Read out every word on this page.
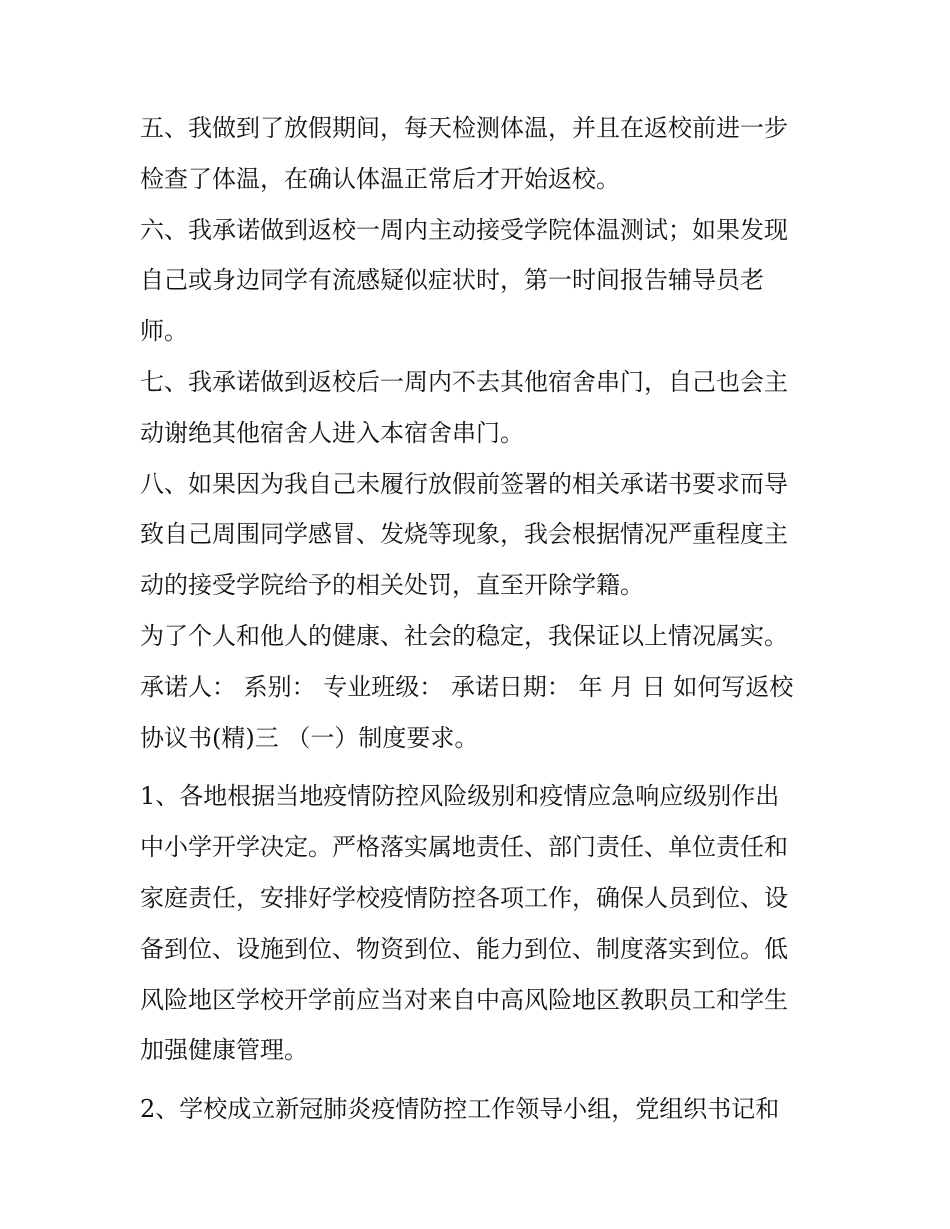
五、我做到了放假期间，每天检测体温，并且在返校前进一步
检查了体温，在确认体温正常后才开始返校。
六、我承诺做到返校一周内主动接受学院体温测试；如果发现
自己或身边同学有流感疑似症状时，第一时间报告辅导员老
师。
七、我承诺做到返校后一周内不去其他宿舍串门，自己也会主
动谢绝其他宿舍人进入本宿舍串门。
八、如果因为我自己未履行放假前签署的相关承诺书要求而导
致自己周围同学感冒、发烧等现象，我会根据情况严重程度主
动的接受学院给予的相关处罚，直至开除学籍。
为了个人和他人的健康、社会的稳定，我保证以上情况属实。
承诺人： 系别： 专业班级： 承诺日期： 年 月 日 如何写返校
协议书(精)三 （一）制度要求。
1、各地根据当地疫情防控风险级别和疫情应急响应级别作出
中小学开学决定。严格落实属地责任、部门责任、单位责任和
家庭责任，安排好学校疫情防控各项工作，确保人员到位、设
备到位、设施到位、物资到位、能力到位、制度落实到位。低
风险地区学校开学前应当对来自中高风险地区教职员工和学生
加强健康管理。
2、学校成立新冠肺炎疫情防控工作领导小组，党组织书记和
